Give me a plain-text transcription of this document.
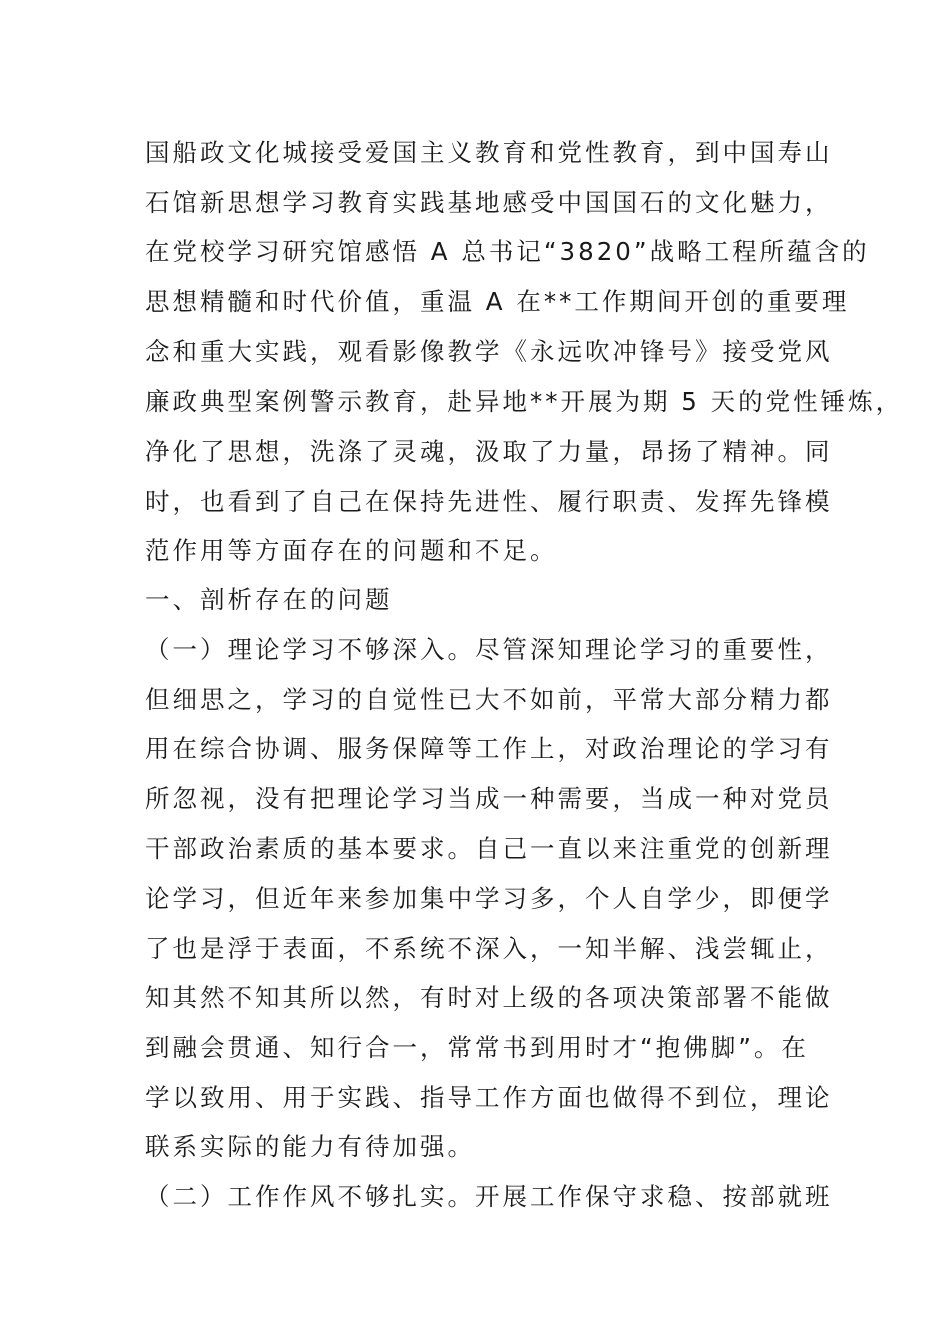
国船政文化城接受爱国主义教育和党性教育，到中国寿山
石馆新思想学习教育实践基地感受中国国石的文化魅力，
在党校学习研究馆感悟 A 总书记“3820”战略工程所蕴含的
思想精髓和时代价值，重温 A 在**工作期间开创的重要理
念和重大实践，观看影像教学《永远吹冲锋号》接受党风
廉政典型案例警示教育，赴异地**开展为期 5 天的党性锤炼，
净化了思想，洗涤了灵魂，汲取了力量，昂扬了精神。同
时，也看到了自己在保持先进性、履行职责、发挥先锋模
范作用等方面存在的问题和不足。
一、剖析存在的问题
（一）理论学习不够深入。尽管深知理论学习的重要性，
但细思之，学习的自觉性已大不如前，平常大部分精力都
用在综合协调、服务保障等工作上，对政治理论的学习有
所忽视，没有把理论学习当成一种需要，当成一种对党员
干部政治素质的基本要求。自己一直以来注重党的创新理
论学习，但近年来参加集中学习多，个人自学少，即便学
了也是浮于表面，不系统不深入，一知半解、浅尝辄止，
知其然不知其所以然，有时对上级的各项决策部署不能做
到融会贯通、知行合一，常常书到用时才“抱佛脚”。在
学以致用、用于实践、指导工作方面也做得不到位，理论
联系实际的能力有待加强。
（二）工作作风不够扎实。开展工作保守求稳、按部就班
